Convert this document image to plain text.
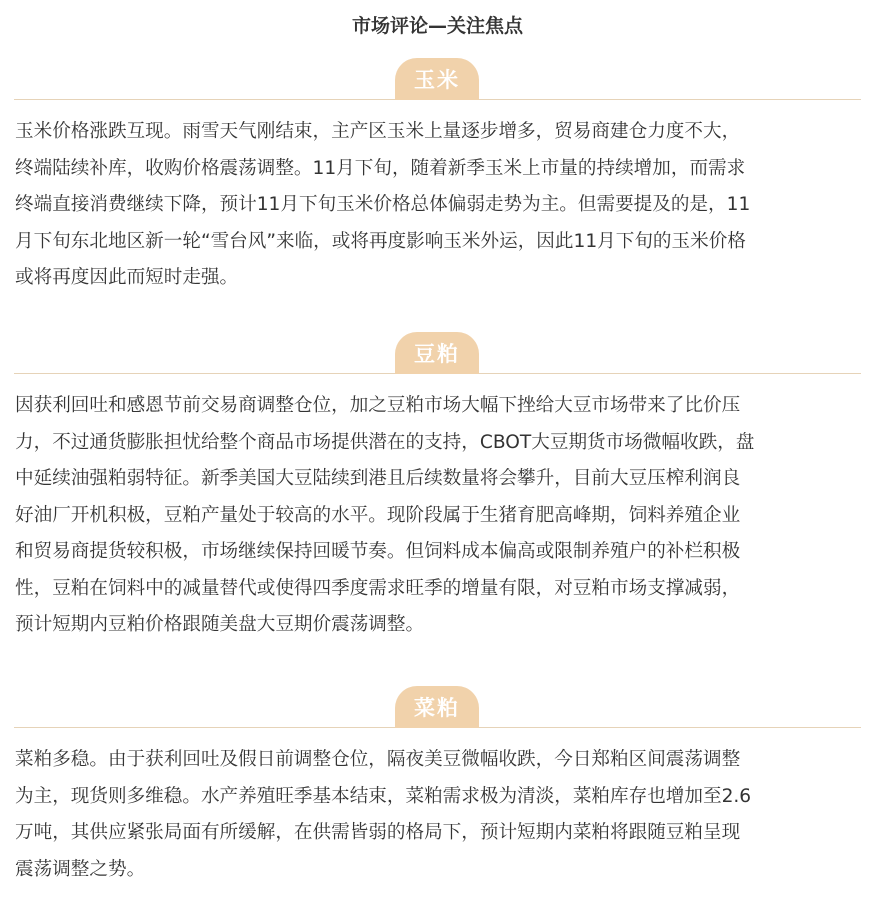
市场评论—关注焦点
玉米
玉米价格涨跌互现。雨雪天气刚结束，主产区玉米上量逐步增多，贸易商建仓力度不大，
终端陆续补库，收购价格震荡调整。11月下旬，随着新季玉米上市量的持续增加，而需求
终端直接消费继续下降，预计11月下旬玉米价格总体偏弱走势为主。但需要提及的是，11
月下旬东北地区新一轮“雪台风”来临，或将再度影响玉米外运，因此11月下旬的玉米价格
或将再度因此而短时走强。
豆粕
因获利回吐和感恩节前交易商调整仓位，加之豆粕市场大幅下挫给大豆市场带来了比价压
力，不过通货膨胀担忧给整个商品市场提供潜在的支持，CBOT大豆期货市场微幅收跌，盘
中延续油强粕弱特征。新季美国大豆陆续到港且后续数量将会攀升，目前大豆压榨利润良
好油厂开机积极，豆粕产量处于较高的水平。现阶段属于生猪育肥高峰期，饲料养殖企业
和贸易商提货较积极，市场继续保持回暖节奏。但饲料成本偏高或限制养殖户的补栏积极
性，豆粕在饲料中的减量替代或使得四季度需求旺季的增量有限，对豆粕市场支撑减弱，
预计短期内豆粕价格跟随美盘大豆期价震荡调整。
菜粕
菜粕多稳。由于获利回吐及假日前调整仓位，隔夜美豆微幅收跌，今日郑粕区间震荡调整
为主，现货则多维稳。水产养殖旺季基本结束，菜粕需求极为清淡，菜粕库存也增加至2.6
万吨，其供应紧张局面有所缓解，在供需皆弱的格局下，预计短期内菜粕将跟随豆粕呈现
震荡调整之势。
